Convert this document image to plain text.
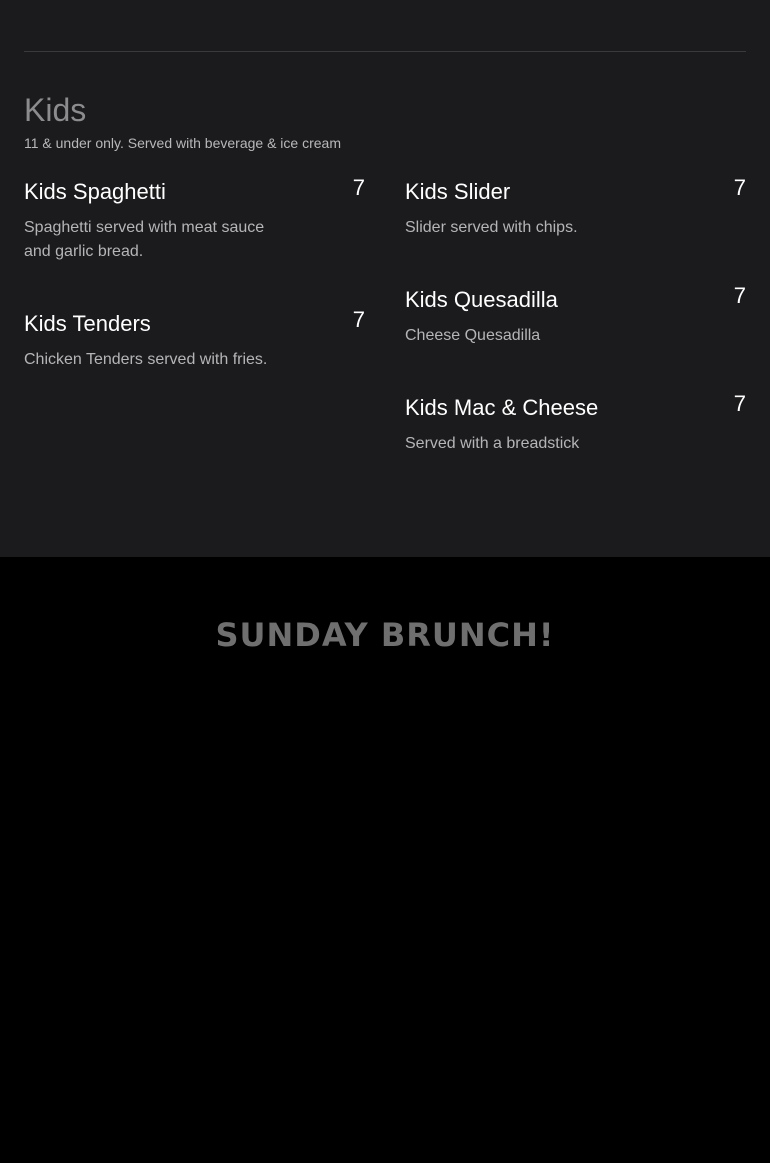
Kids

11 & under only. Served with beverage & ice cream

Kids Spaghetti	7
Spaghetti served with meat sauce and garlic bread.
Kids Tenders	7
Chicken Tenders served with fries.
Kids Slider	7
Slider served with chips.
Kids Quesadilla	7
Cheese Quesadilla
Kids Mac & Cheese	7
Served with a breadstick
SUNDAY BRUNCH!
